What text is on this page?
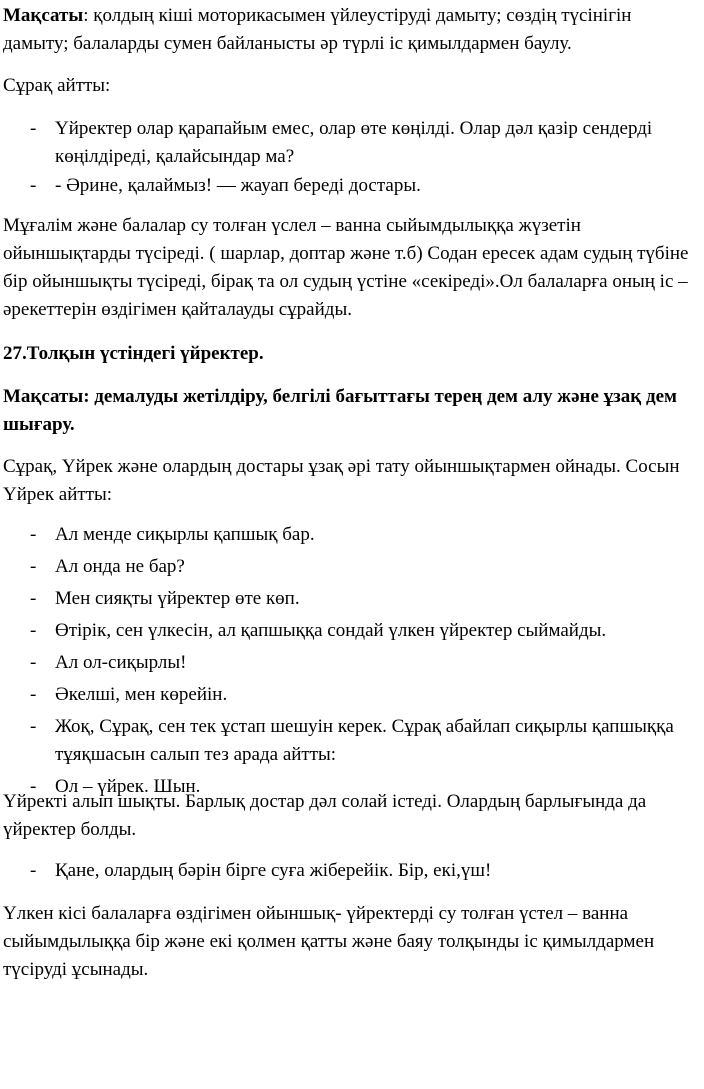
Мақсаты: қолдың кіші моторикасымен үйлеустіруді дамыту; сөздің түсінігін дамыту; балаларды сумен байланысты әр түрлі іс қимылдармен баулу.

Сұрақ айтты:

- Үйректер олар қарапайым емес, олар өте көңілді. Олар дәл қазір сендерді көңілдіреді, қалайсындар ма?
- - Әрине, қалаймыз! — жауап береді достары.

Мұғалім және балалар су толған үслел – ванна сыйымдылыққа жүзетін ойыншықтарды түсіреді. ( шарлар, доптар және т.б) Содан ересек адам судың түбіне бір ойыншықты түсіреді, бірақ та ол судың үстіне «секіреді».Ол балаларға оның іс – әрекеттерін өздігімен қайталауды сұрайды.

27.Толқын үстіндегі үйректер.

Мақсаты: демалуды жетілдіру, белгілі бағыттағы терең дем алу және ұзақ дем шығару.

Сұрақ, Үйрек және олардың достары ұзақ әрі тату ойыншықтармен ойнады. Сосын Үйрек айтты:

- Ал менде сиқырлы қапшық бар.
- Ал онда не бар?
- Мен сияқты үйректер өте көп.
- Өтірік, сен үлкесін, ал қапшыққа сондай үлкен үйректер сыймайды.
- Ал ол-сиқырлы!
- Әкелші, мен көрейін.
- Жоқ, Сұрақ, сен тек ұстап шешуін керек. Сұрақ абайлап сиқырлы қапшыққа тұяқшасын салып тез арада айтты:
- Ол – үйрек. Шын.

Үйректі алып шықты. Барлық достар дәл солай істеді. Олардың барлығында да үйректер болды.

- Қане, олардың бәрін бірге суға жіберейік. Бір, екі,үш!

Үлкен кісі балаларға өздігімен ойыншық- үйректерді су толған үстел – ванна сыйымдылыққа бір және екі қолмен қатты және баяу толқынды іс қимылдармен түсіруді ұсынады.
